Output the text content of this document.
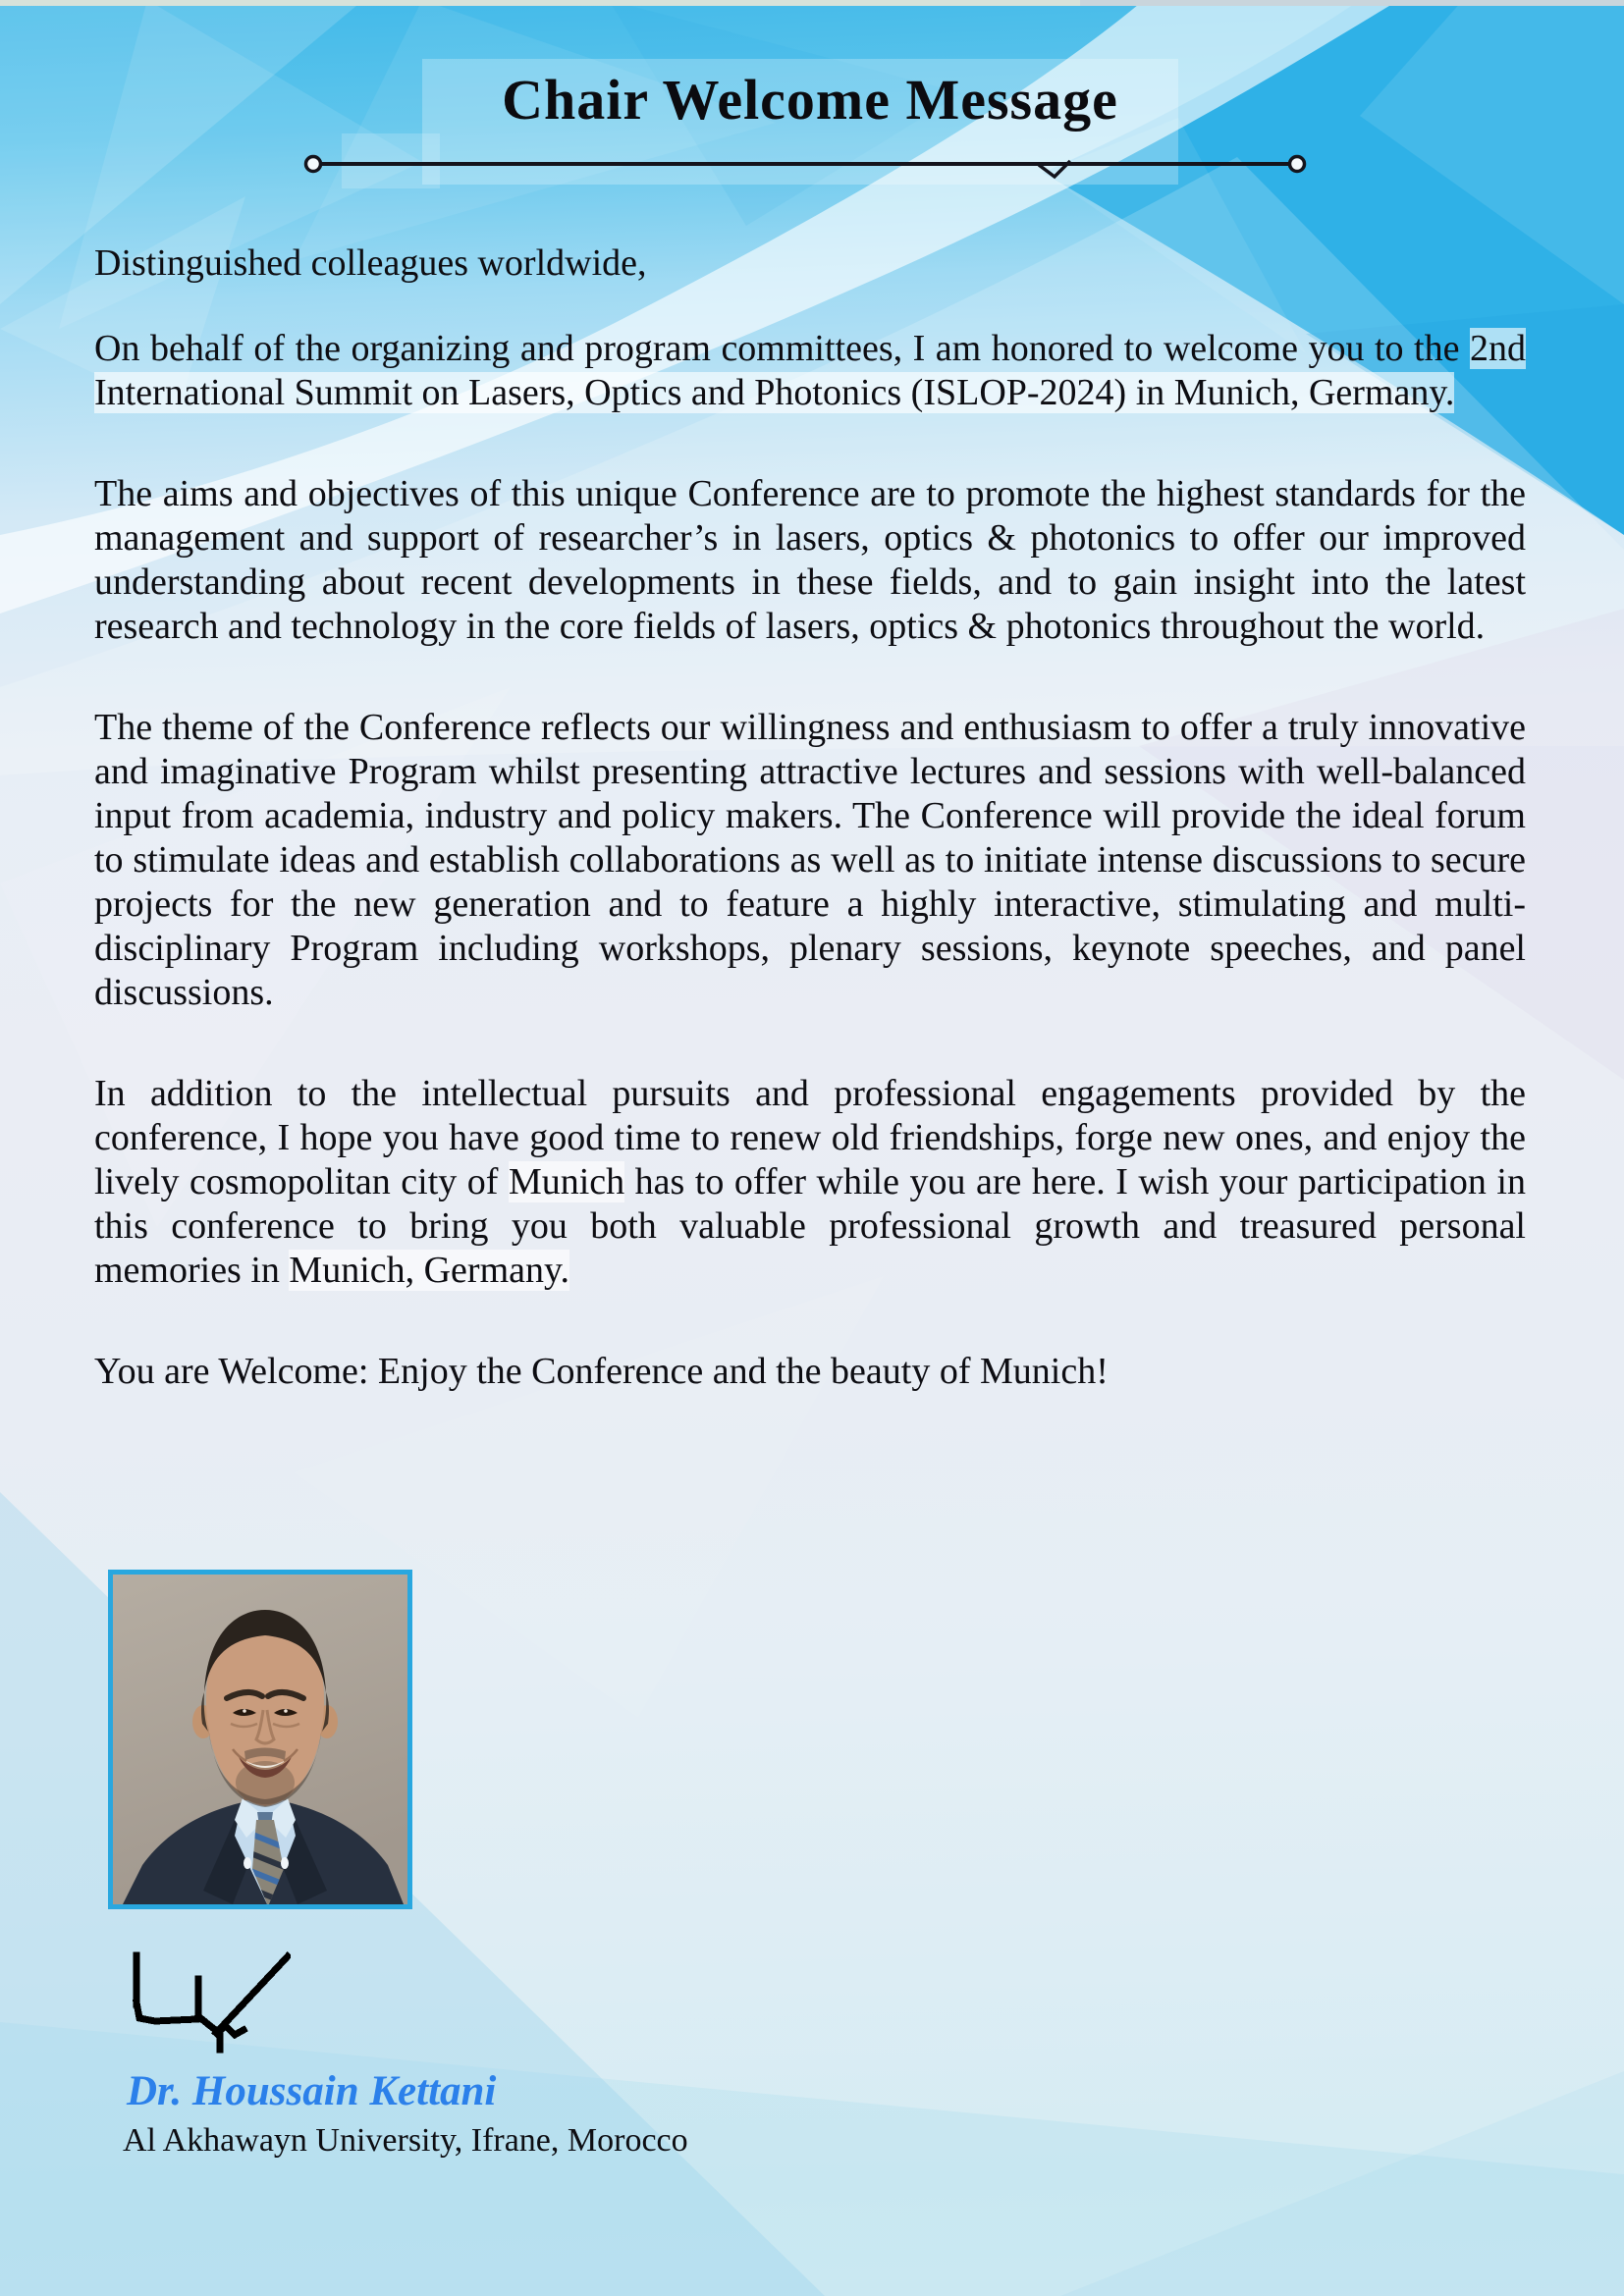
Chair Welcome Message

Distinguished colleagues worldwide,

On behalf of the organizing and program committees, I am honored to welcome you to the 2nd International Summit on Lasers, Optics and Photonics (ISLOP-2024) in Munich, Germany.

The aims and objectives of this unique Conference are to promote the highest standards for the management and support of researcher’s in lasers, optics & photonics to offer our improved understanding about recent developments in these fields, and to gain insight into the latest research and technology in the core fields of lasers, optics & photonics throughout the world.

The theme of the Conference reflects our willingness and enthusiasm to offer a truly innovative and imaginative Program whilst presenting attractive lectures and sessions with well-balanced input from academia, industry and policy makers. The Conference will provide the ideal forum to stimulate ideas and establish collaborations as well as to initiate intense discussions to secure projects for the new generation and to feature a highly interactive, stimulating and multi-disciplinary Program including workshops, plenary sessions, keynote speeches, and panel discussions.

In addition to the intellectual pursuits and professional engagements provided by the conference, I hope you have good time to renew old friendships, forge new ones, and enjoy the lively cosmopolitan city of Munich has to offer while you are here. I wish your participation in this conference to bring you both valuable professional growth and treasured personal memories in Munich, Germany.

You are Welcome: Enjoy the Conference and the beauty of Munich!

Dr. Houssain Kettani
Al Akhawayn University, Ifrane, Morocco
